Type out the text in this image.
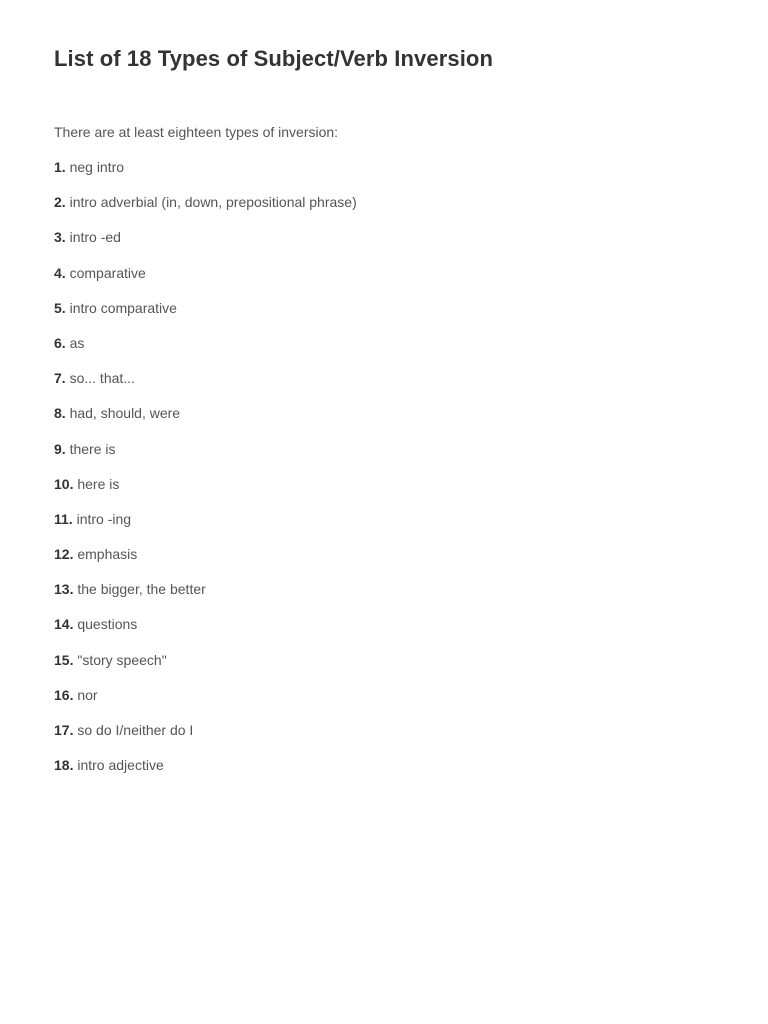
List of 18 Types of Subject/Verb Inversion

There are at least eighteen types of inversion:

1. neg intro
2. intro adverbial (in, down, prepositional phrase)
3. intro -ed
4. comparative
5. intro comparative
6. as
7. so... that...
8. had, should, were
9. there is
10. here is
11. intro -ing
12. emphasis
13. the bigger, the better
14. questions
15. "story speech"
16. nor
17. so do I/neither do I
18. intro adjective
